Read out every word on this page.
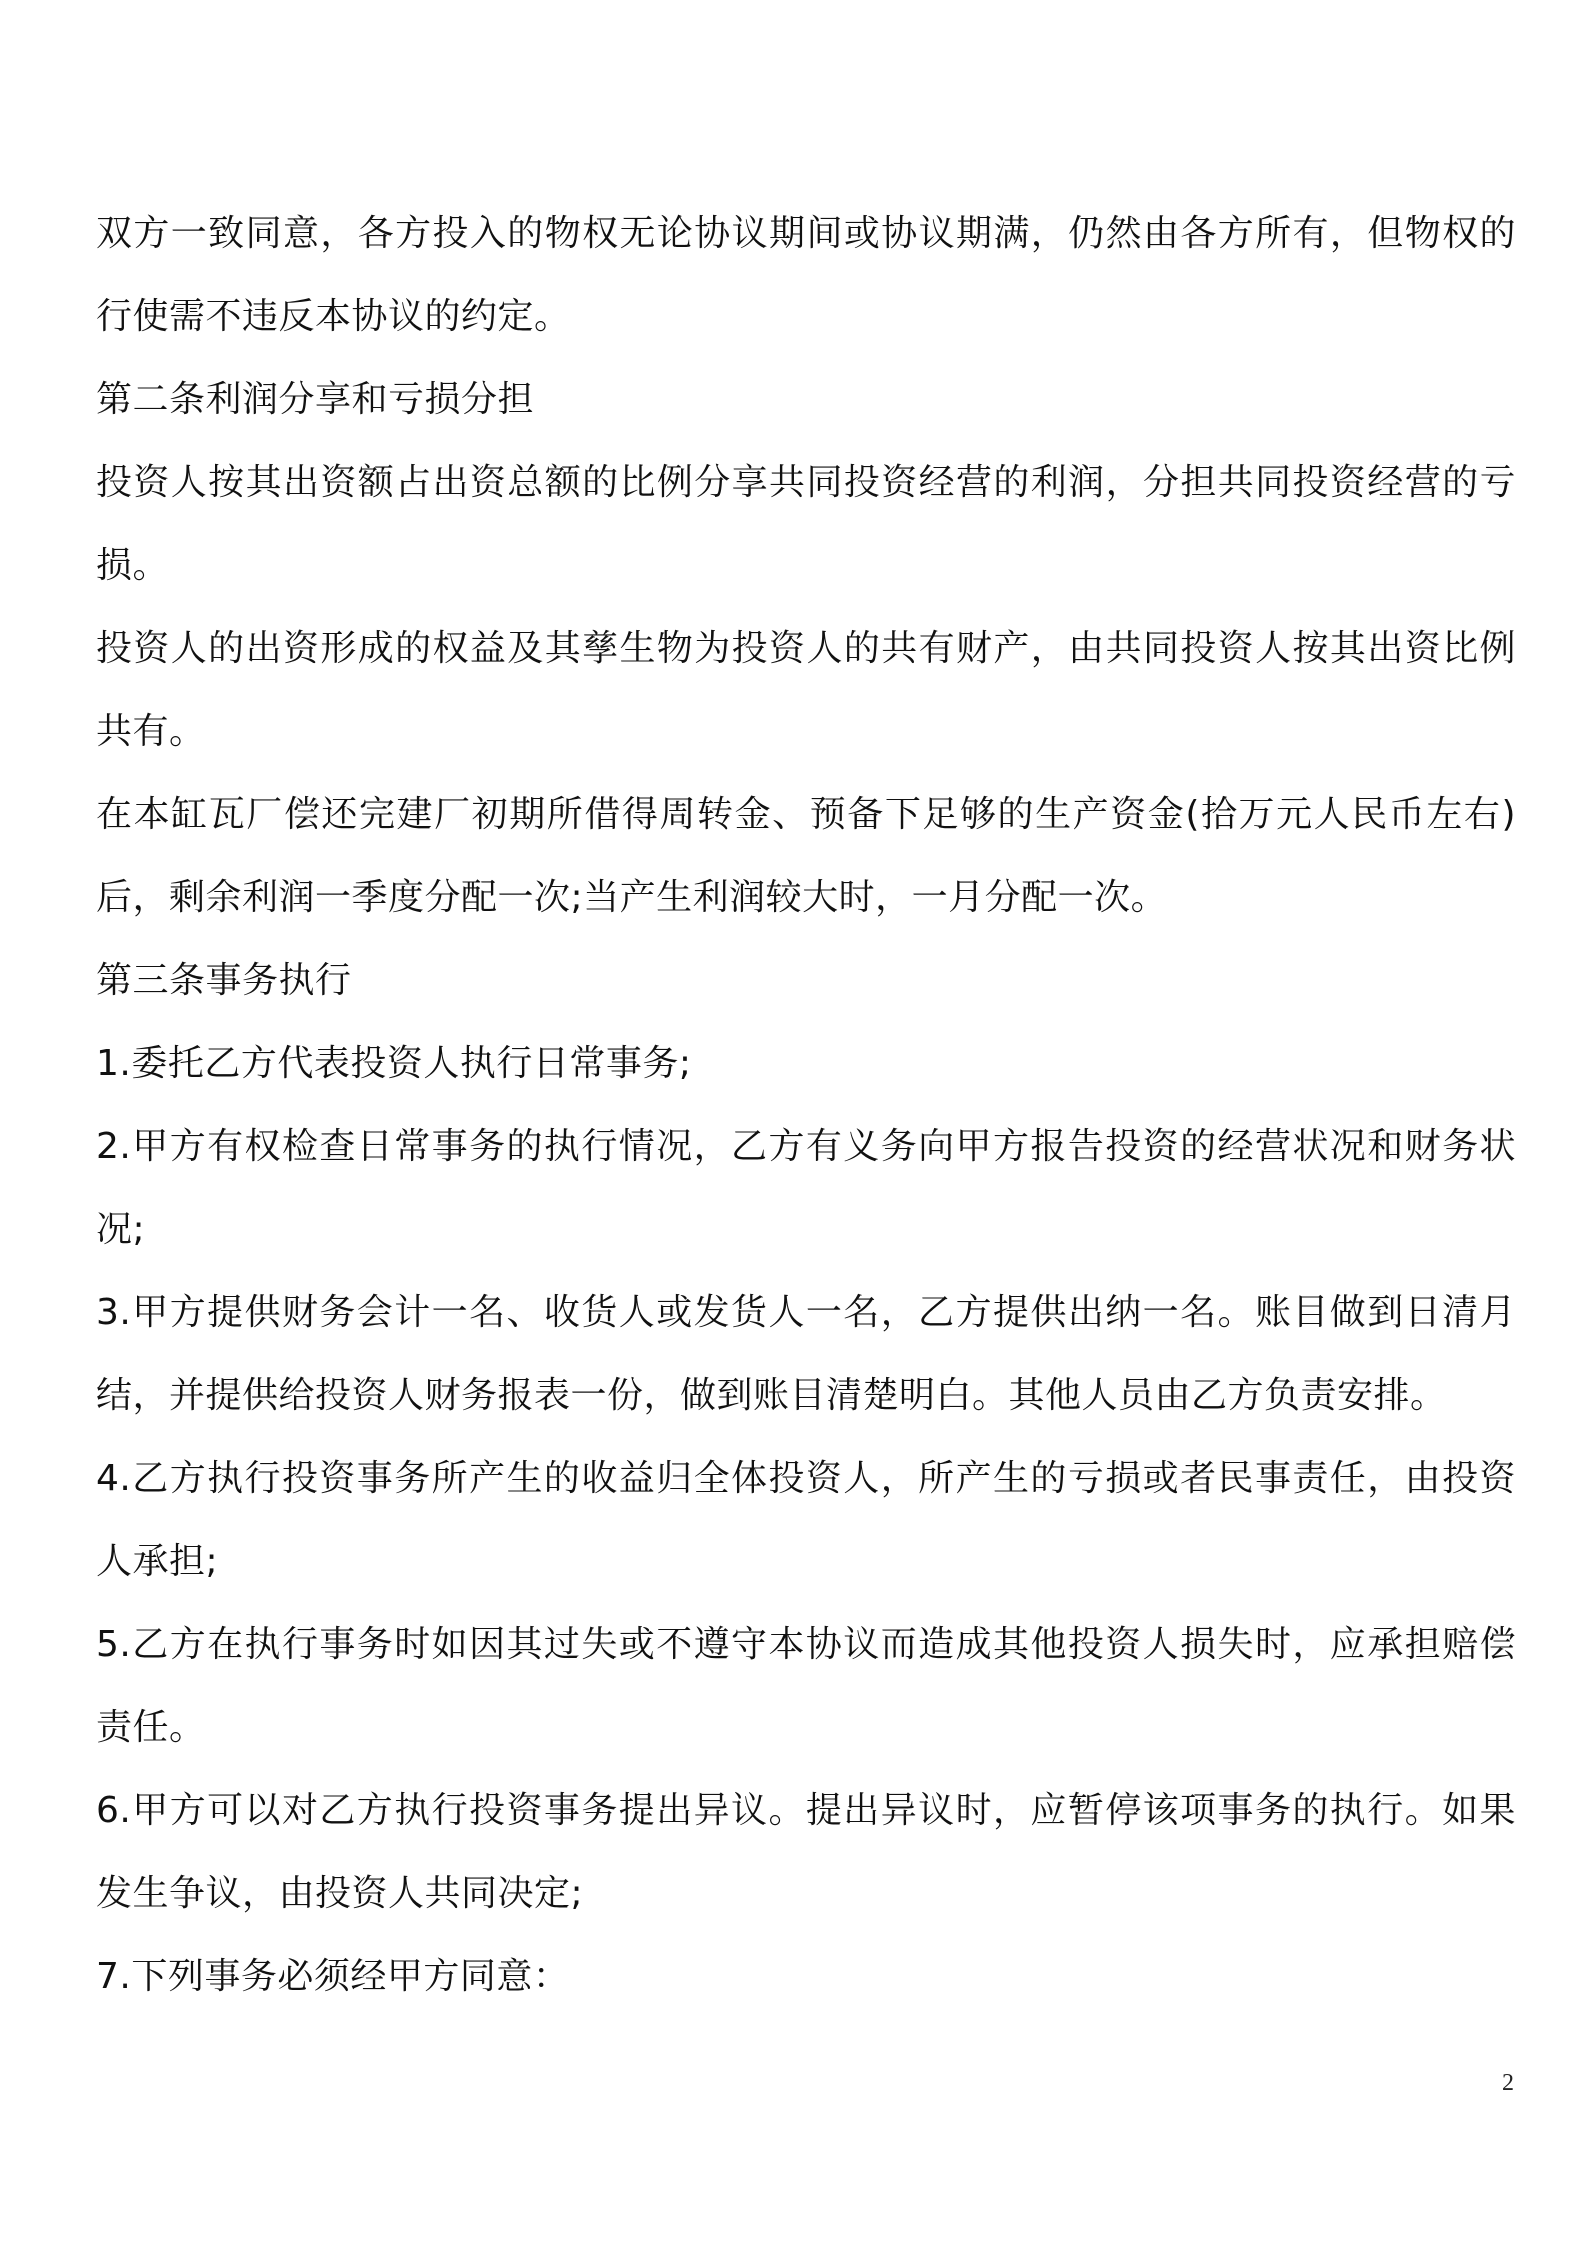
双方一致同意，各方投入的物权无论协议期间或协议期满，仍然由各方所有，但物权的行使需不违反本协议的约定。

第二条利润分享和亏损分担

投资人按其出资额占出资总额的比例分享共同投资经营的利润，分担共同投资经营的亏损。

投资人的出资形成的权益及其孳生物为投资人的共有财产，由共同投资人按其出资比例共有。

在本缸瓦厂偿还完建厂初期所借得周转金、预备下足够的生产资金(拾万元人民币左右)后，剩余利润一季度分配一次;当产生利润较大时，一月分配一次。

第三条事务执行

1.委托乙方代表投资人执行日常事务;

2.甲方有权检查日常事务的执行情况，乙方有义务向甲方报告投资的经营状况和财务状况;

3.甲方提供财务会计一名、收货人或发货人一名，乙方提供出纳一名。账目做到日清月结，并提供给投资人财务报表一份，做到账目清楚明白。其他人员由乙方负责安排。

4.乙方执行投资事务所产生的收益归全体投资人，所产生的亏损或者民事责任，由投资人承担;

5.乙方在执行事务时如因其过失或不遵守本协议而造成其他投资人损失时，应承担赔偿责任。

6.甲方可以对乙方执行投资事务提出异议。提出异议时，应暂停该项事务的执行。如果发生争议，由投资人共同决定;

7.下列事务必须经甲方同意：

2
